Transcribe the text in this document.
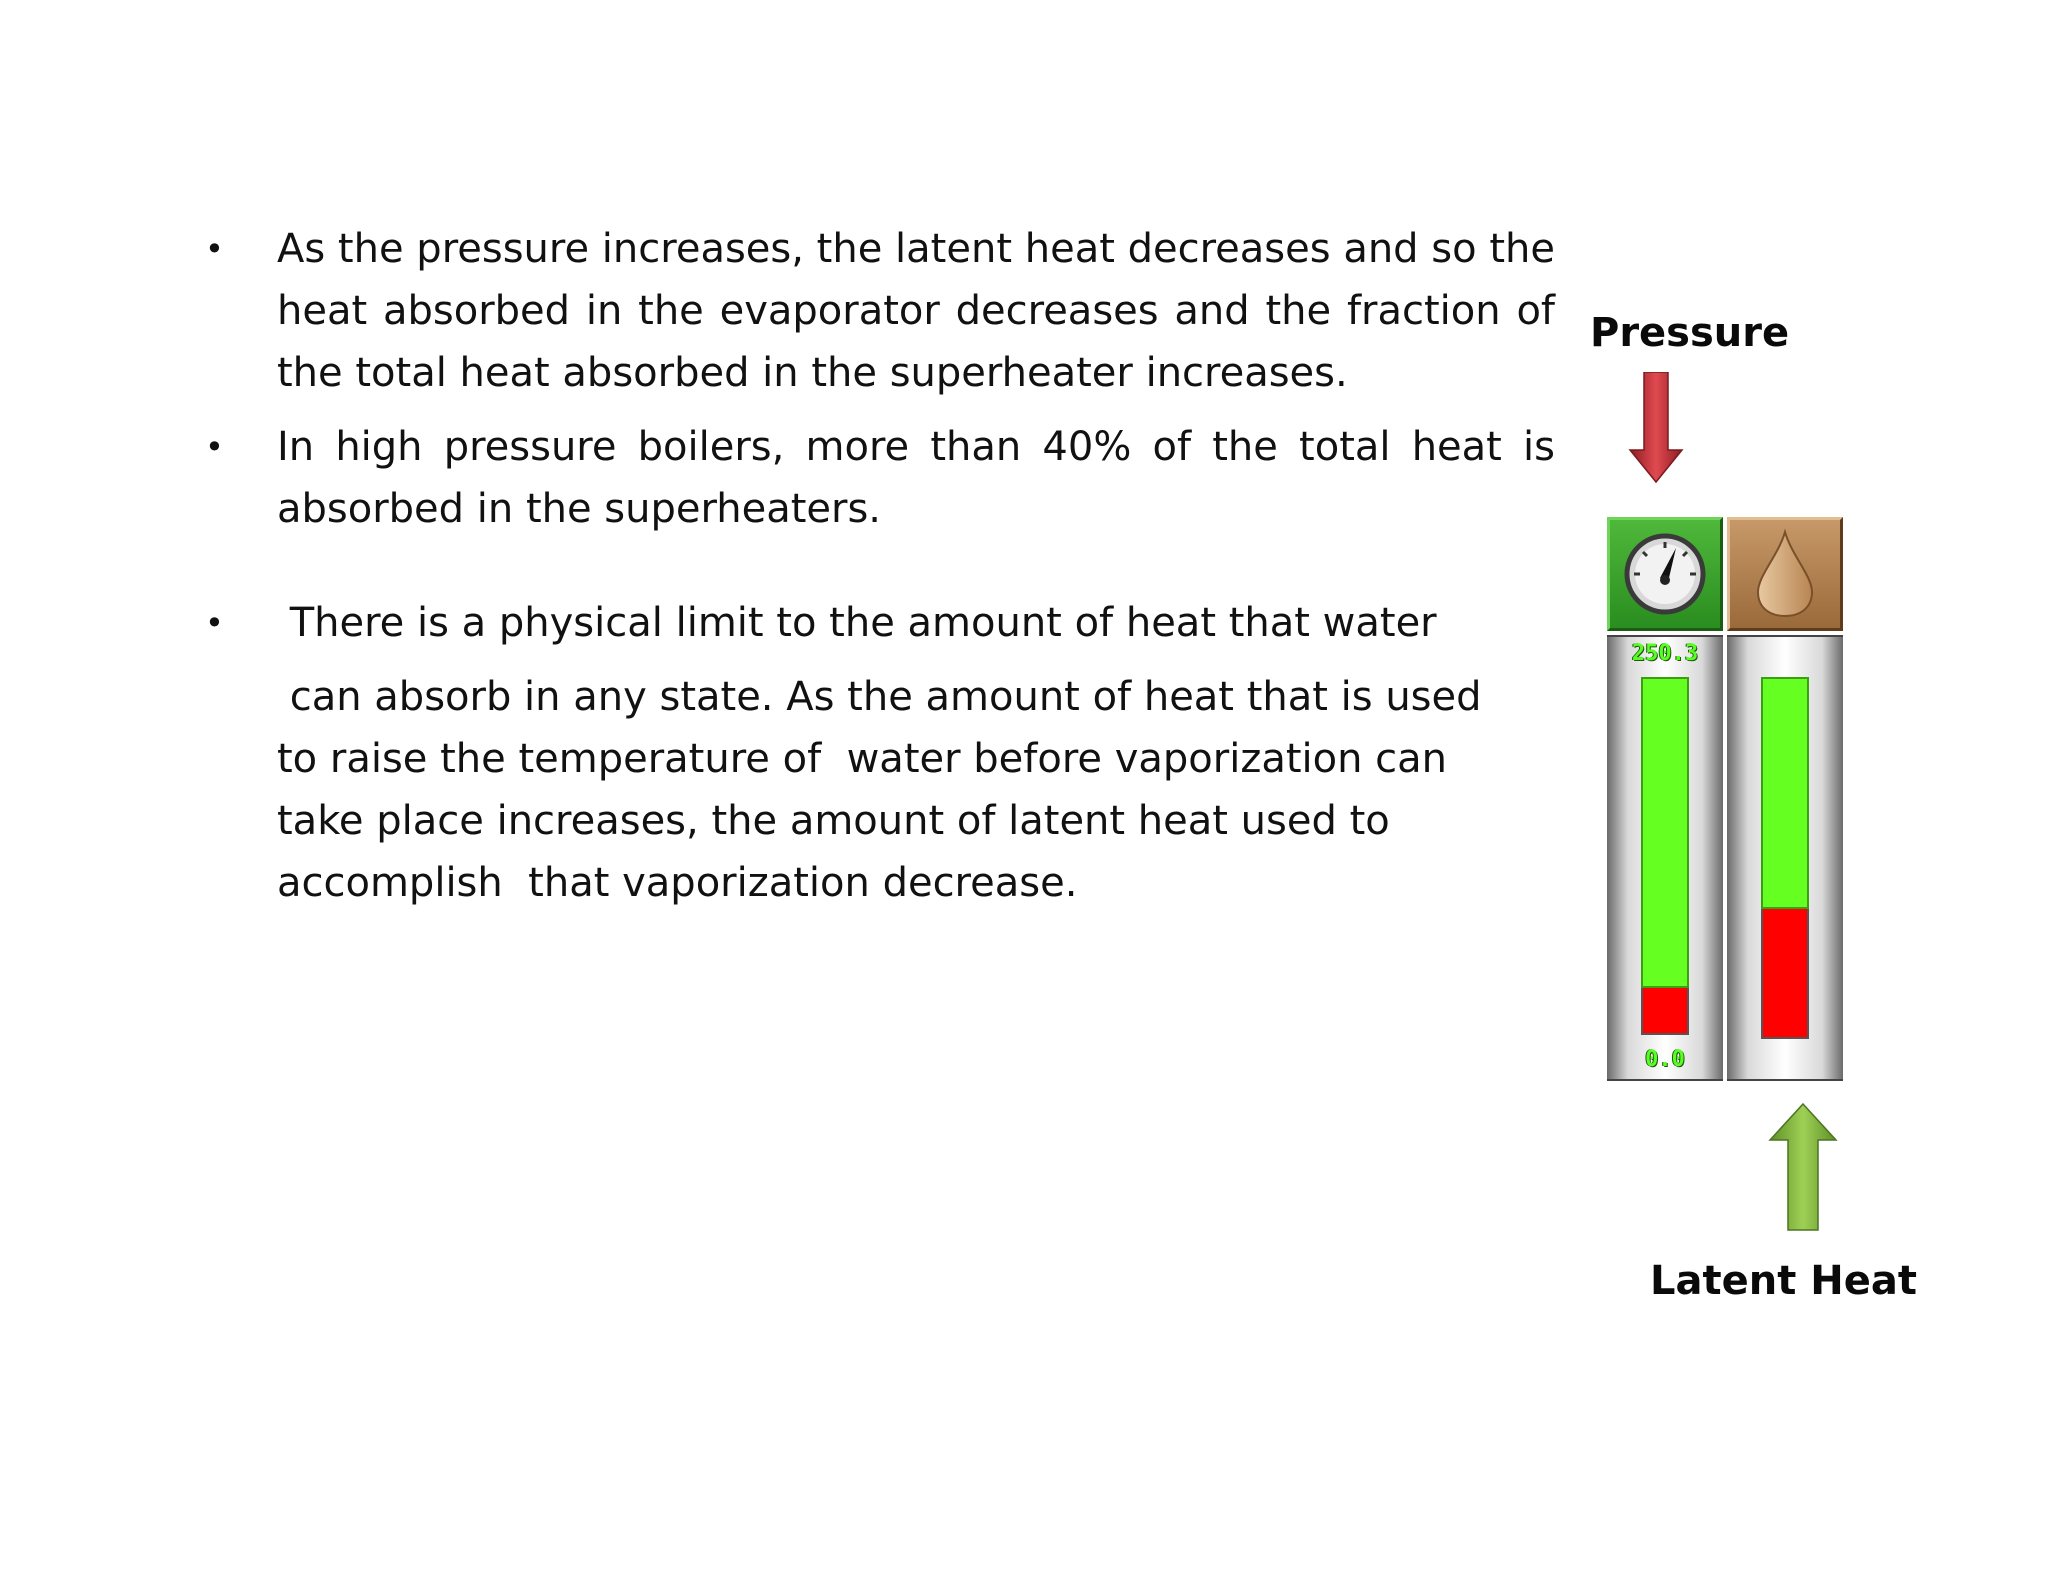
• As the pressure increases, the latent heat decreases and so the heat absorbed in the evaporator decreases and the fraction of the total heat absorbed in the superheater increases.
• In high pressure boilers, more than 40% of the total heat is absorbed in the superheaters.
• There is a physical limit to the amount of heat that water
can absorb in any state. As the amount of heat that is used
to raise the temperature of  water before vaporization can
take place increases, the amount of latent heat used to
accomplish  that vaporization decrease.
Pressure
250.3
0.0
Latent Heat
